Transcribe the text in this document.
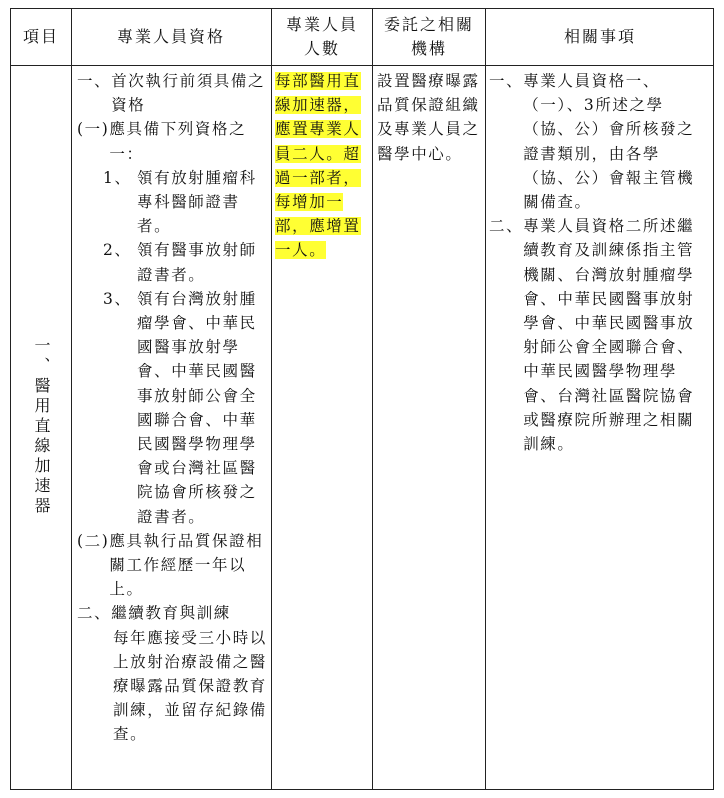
項目	專業人員資格
專業人員人數
委託之相關機構
相關事項
一、醫用直線加速器
一、 首次執行前須具備之資格
(一) 應具備下列資格之一：
1、 領有放射腫瘤科專科醫師證書者。
2、 領有醫事放射師證書者。
3、 領有台灣放射腫瘤學會、中華民國醫事放射學會、中華民國醫事放射師公會全國聯合會、中華民國醫學物理學會或台灣社區醫院協會所核發之證書者。
(二) 應具執行品質保證相關工作經歷一年以上。
二、 繼續教育與訓練
每年應接受三小時以上放射治療設備之醫療曝露品質保證教育訓練，並留存紀錄備查。
每部醫用直線加速器，應置專業人員二人。超過一部者，每增加一部，應增置一人。
設置醫療曝露品質保證組織及專業人員之醫學中心。
一、 專業人員資格一、（一）、3所述之學（協、公）會所核發之證書類別，由各學（協、公）會報主管機關備查。
二、 專業人員資格二所述繼續教育及訓練係指主管機關、台灣放射腫瘤學會、中華民國醫事放射學會、中華民國醫事放射師公會全國聯合會、中華民國醫學物理學會、台灣社區醫院協會或醫療院所辦理之相關訓練。
